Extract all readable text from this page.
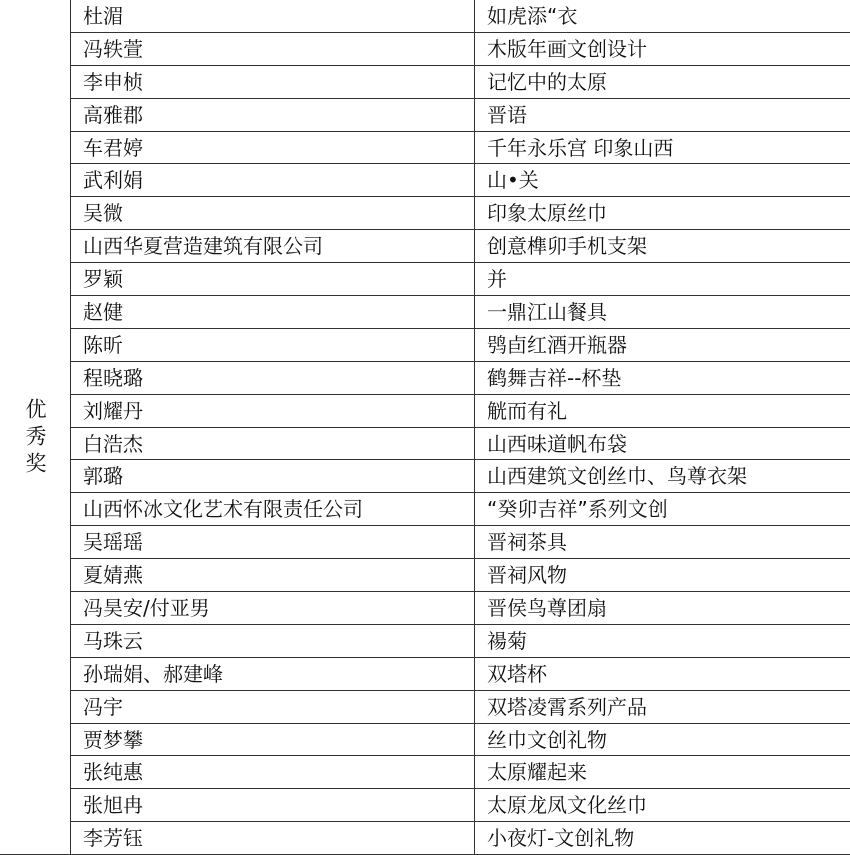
优秀奖	杜湄	如虎添“衣
	冯轶萱	木版年画文创设计
	李申桢	记忆中的太原
	高雅郡	晋语
	车君婷	千年永乐宫 印象山西
	武利娟	山•关
	吴微	印象太原丝巾
	山西华夏营造建筑有限公司	创意榫卯手机支架
	罗颖	并
	赵健	一鼎江山餐具
	陈昕	鸮卣红酒开瓶器
	程晓璐	鹤舞吉祥--杯垫
	刘耀丹	觥而有礼
	白浩杰	山西味道帆布袋
	郭璐	山西建筑文创丝巾、鸟尊衣架
	山西怀冰文化艺术有限责任公司	“癸卯吉祥”系列文创
	吴瑶瑶	晋祠茶具
	夏婧燕	晋祠风物
	冯昊安/付亚男	晋侯鸟尊团扇
	马珠云	禓菊
	孙瑞娟、郝建峰	双塔杯
	冯宇	双塔凌霄系列产品
	贾梦攀	丝巾文创礼物
	张纯惠	太原耀起来
	张旭冉	太原龙凤文化丝巾
	李芳钰	小夜灯-文创礼物
